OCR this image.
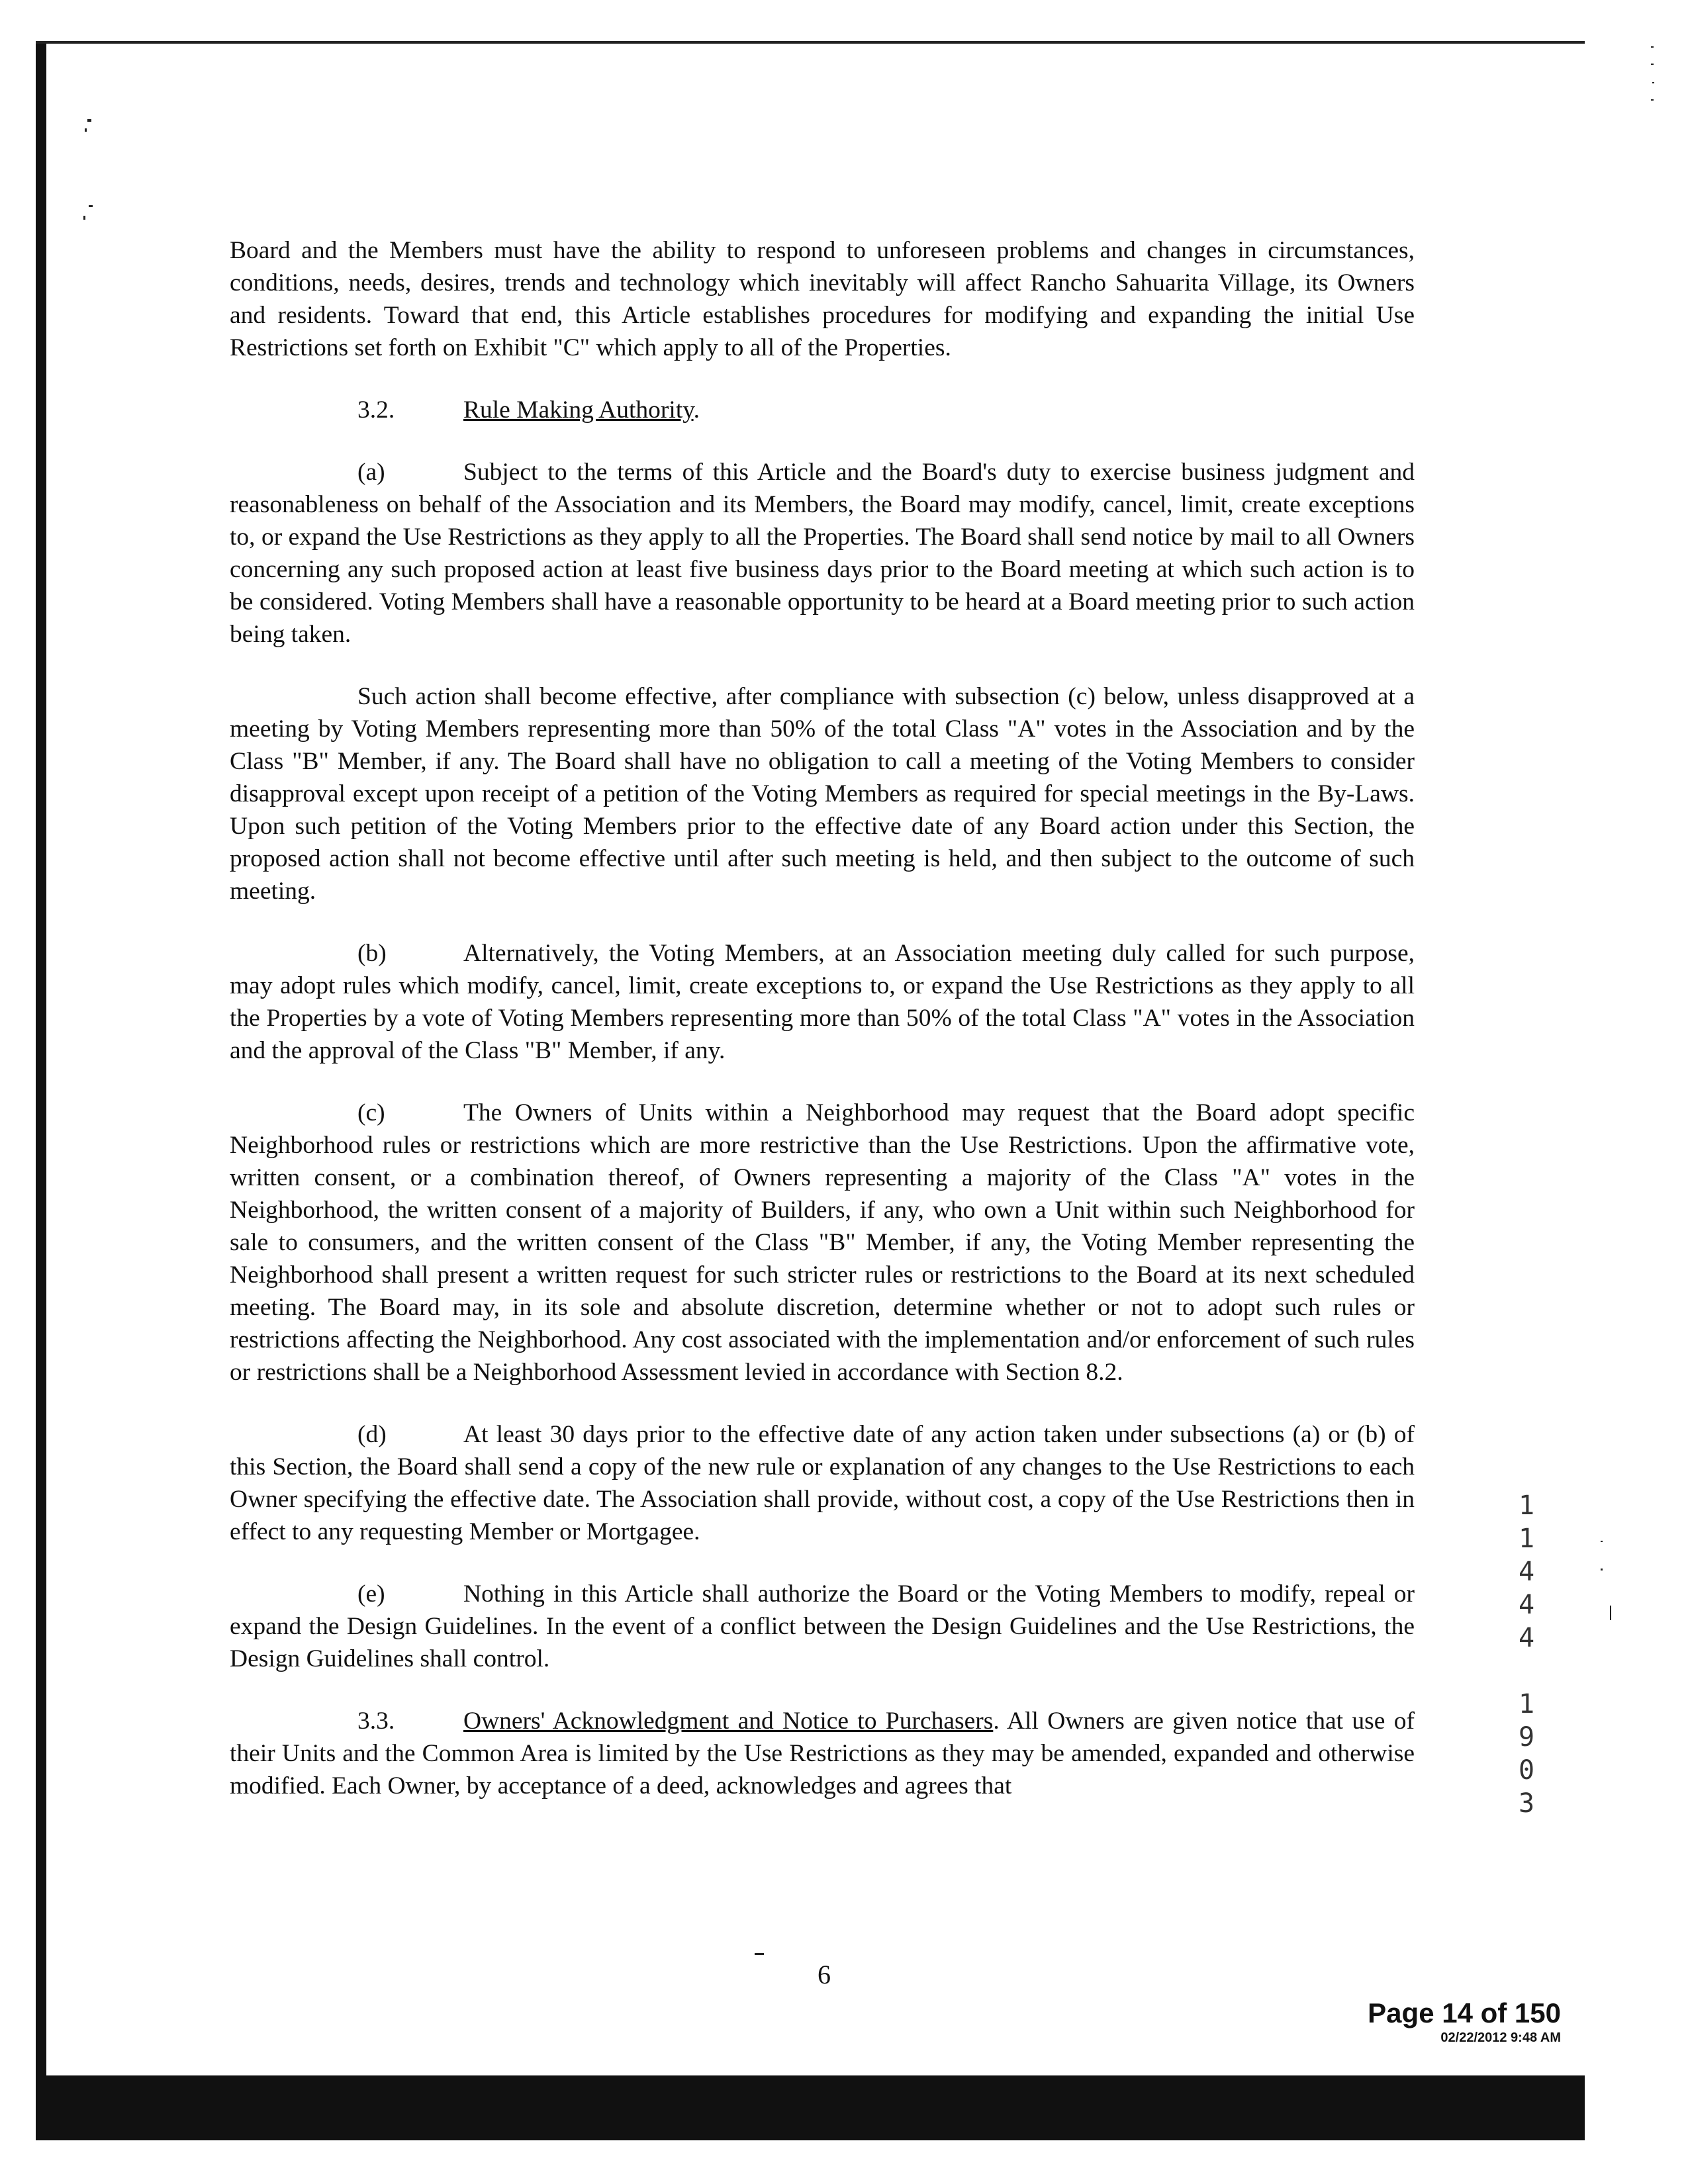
Board and the Members must have the ability to respond to unforeseen problems and changes in circumstances, conditions, needs, desires, trends and technology which inevitably will affect Rancho Sahuarita Village, its Owners and residents. Toward that end, this Article establishes procedures for modifying and expanding the initial Use Restrictions set forth on Exhibit "C" which apply to all of the Properties.

3.2.	Rule Making Authority.

(a)	Subject to the terms of this Article and the Board's duty to exercise business judgment and reasonableness on behalf of the Association and its Members, the Board may modify, cancel, limit, create exceptions to, or expand the Use Restrictions as they apply to all the Properties. The Board shall send notice by mail to all Owners concerning any such proposed action at least five business days prior to the Board meeting at which such action is to be considered. Voting Members shall have a reasonable opportunity to be heard at a Board meeting prior to such action being taken.

Such action shall become effective, after compliance with subsection (c) below, unless disapproved at a meeting by Voting Members representing more than 50% of the total Class "A" votes in the Association and by the Class "B" Member, if any. The Board shall have no obligation to call a meeting of the Voting Members to consider disapproval except upon receipt of a petition of the Voting Members as required for special meetings in the By-Laws. Upon such petition of the Voting Members prior to the effective date of any Board action under this Section, the proposed action shall not become effective until after such meeting is held, and then subject to the outcome of such meeting.

(b)	Alternatively, the Voting Members, at an Association meeting duly called for such purpose, may adopt rules which modify, cancel, limit, create exceptions to, or expand the Use Restrictions as they apply to all the Properties by a vote of Voting Members representing more than 50% of the total Class "A" votes in the Association and the approval of the Class "B" Member, if any.

(c)	The Owners of Units within a Neighborhood may request that the Board adopt specific Neighborhood rules or restrictions which are more restrictive than the Use Restrictions. Upon the affirmative vote, written consent, or a combination thereof, of Owners representing a majority of the Class "A" votes in the Neighborhood, the written consent of a majority of Builders, if any, who own a Unit within such Neighborhood for sale to consumers, and the written consent of the Class "B" Member, if any, the Voting Member representing the Neighborhood shall present a written request for such stricter rules or restrictions to the Board at its next scheduled meeting. The Board may, in its sole and absolute discretion, determine whether or not to adopt such rules or restrictions affecting the Neighborhood. Any cost associated with the implementation and/or enforcement of such rules or restrictions shall be a Neighborhood Assessment levied in accordance with Section 8.2.

(d)	At least 30 days prior to the effective date of any action taken under subsections (a) or (b) of this Section, the Board shall send a copy of the new rule or explanation of any changes to the Use Restrictions to each Owner specifying the effective date. The Association shall provide, without cost, a copy of the Use Restrictions then in effect to any requesting Member or Mortgagee.

(e)	Nothing in this Article shall authorize the Board or the Voting Members to modify, repeal or expand the Design Guidelines. In the event of a conflict between the Design Guidelines and the Use Restrictions, the Design Guidelines shall control.

3.3.	Owners' Acknowledgment and Notice to Purchasers. All Owners are given notice that use of their Units and the Common Area is limited by the Use Restrictions as they may be amended, expanded and otherwise modified. Each Owner, by acceptance of a deed, acknowledges and agrees that

1
1
4
4
4
1
9
0
3
6
Page 14 of 150
02/22/2012 9:48 AM
